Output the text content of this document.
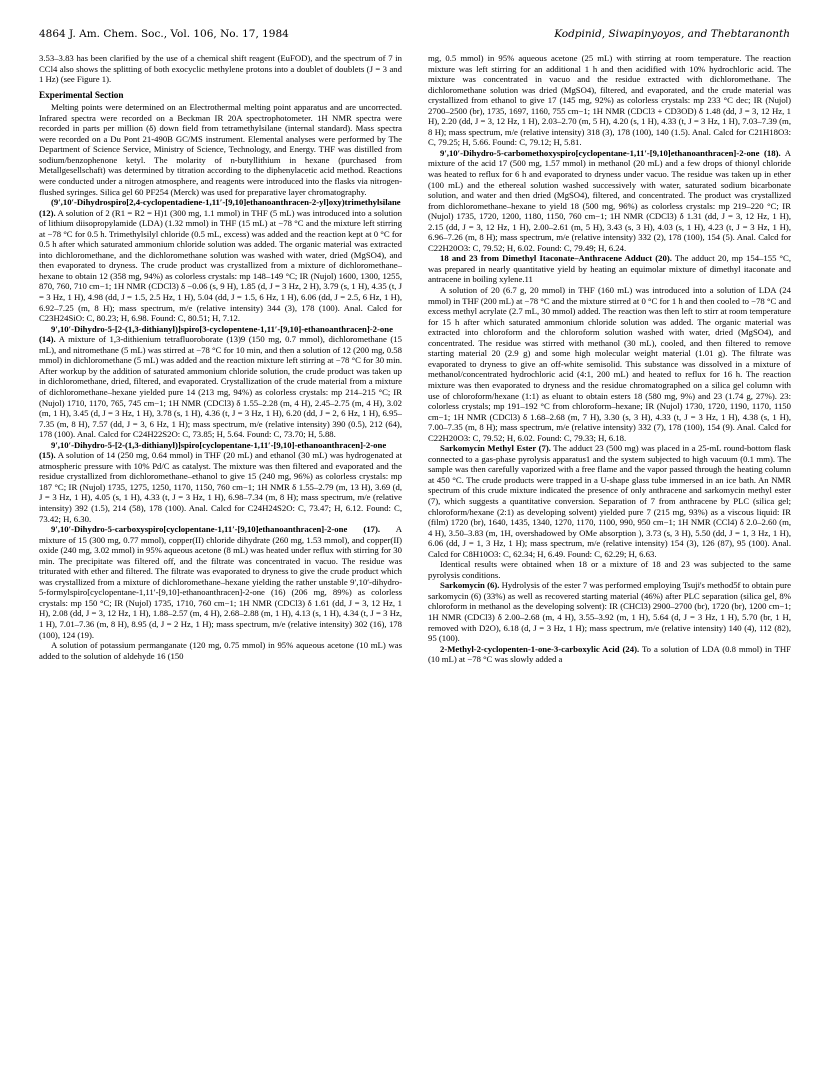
4864 J. Am. Chem. Soc., Vol. 106, No. 17, 1984	Kodpinid, Siwapinyoyos, and Thebtaranonth

3.53–3.83 has been clarified by the use of a chemical shift reagent (EuFOD), and the spectrum of 7 in CCl4 also shows the splitting of both exocyclic methylene protons into a doublet of doublets (J = 3 and 1 Hz) (see Figure 1).

Experimental Section

Melting points were determined on an Electrothermal melting point apparatus and are uncorrected. Infrared spectra were recorded on a Beckman IR 20A spectrophotometer. 1H NMR spectra were recorded in parts per million (δ) down field from tetramethylsilane (internal standard). Mass spectra were recorded on a Du Pont 21-490B GC/MS instrument. Elemental analyses were performed by The Department of Science Service, Ministry of Science, Technology, and Energy. THF was distilled from sodium/benzophenone ketyl. The molarity of n-butyllithium in hexane (purchased from Metallgesellschaft) was determined by titration according to the diphenylacetic acid method. Reactions were conducted under a nitrogen atmosphere, and reagents were introduced into the flasks via nitrogen-flushed syringes. Silica gel 60 PF254 (Merck) was used for preparative layer chromatography.

(9′,10′-Dihydrospiro[2,4-cyclopentadiene-1,11′-[9,10]ethanoanthracen-2-yl]oxy)trimethylsilane (12). A solution of 2 (R1 = R2 = H)1 (300 mg, 1.1 mmol) in THF (5 mL) was introduced into a solution of lithium diisopropylamide (LDA) (1.32 mmol) in THF (15 mL) at −78 °C and the mixture left stirring at −78 °C for 0.5 h. Trimethylsilyl chloride (0.5 mL, excess) was added and the reaction kept at 0 °C for 0.5 h after which saturated ammonium chloride solution was added. The organic material was extracted into dichloromethane, and the dichloromethane solution was washed with water, dried (MgSO4), and then evaporated to dryness. The crude product was crystallized from a mixture of dichloromethane–hexane to obtain 12 (358 mg, 94%) as colorless crystals: mp 148–149 °C; IR (Nujol) 1600, 1300, 1255, 870, 760, 710 cm−1; 1H NMR (CDCl3) δ −0.06 (s, 9 H), 1.85 (d, J = 3 Hz, 2 H), 3.79 (s, 1 H), 4.35 (t, J = 3 Hz, 1 H), 4.98 (dd, J = 1.5, 2.5 Hz, 1 H), 5.04 (dd, J = 1.5, 6 Hz, 1 H), 6.06 (dd, J = 2.5, 6 Hz, 1 H), 6.92–7.25 (m, 8 H); mass spectrum, m/e (relative intensity) 344 (3), 178 (100). Anal. Calcd for C23H24SiO: C, 80.23; H, 6.98. Found: C, 80.51; H, 7.12.

9′,10′-Dihydro-5-[2-(1,3-dithianyl)]spiro[3-cyclopentene-1,11′-[9,10]-ethanoanthracen]-2-one (14). A mixture of 1,3-dithienium tetrafluoroborate (13)9 (150 mg, 0.7 mmol), dichloromethane (15 mL), and nitromethane (5 mL) was stirred at −78 °C for 10 min, and then a solution of 12 (200 mg, 0.58 mmol) in dichloromethane (5 mL) was added and the reaction mixture left stirring at −78 °C for 30 min. After workup by the addition of saturated ammonium chloride solution, the crude product was taken up in dichloromethane, dried, filtered, and evaporated. Crystallization of the crude material from a mixture of dichloromethane–hexane yielded pure 14 (213 mg, 94%) as colorless crystals: mp 214–215 °C; IR (Nujol) 1710, 1170, 765, 745 cm−1; 1H NMR (CDCl3) δ 1.55–2.28 (m, 4 H), 2.45–2.75 (m, 4 H), 3.02 (m, 1 H), 3.45 (d, J = 3 Hz, 1 H), 3.78 (s, 1 H), 4.36 (t, J = 3 Hz, 1 H), 6.20 (dd, J = 2, 6 Hz, 1 H), 6.95–7.35 (m, 8 H), 7.57 (dd, J = 3, 6 Hz, 1 H); mass spectrum, m/e (relative intensity) 390 (0.5), 212 (64), 178 (100). Anal. Calcd for C24H22S2O: C, 73.85; H, 5.64. Found: C, 73.70; H, 5.88.

9′,10′-Dihydro-5-[2-(1,3-dithianyl)]spiro[cyclopentane-1,11′-[9,10]-ethanoanthracen]-2-one (15). A solution of 14 (250 mg, 0.64 mmol) in THF (20 mL) and ethanol (30 mL) was hydrogenated at atmospheric pressure with 10% Pd/C as catalyst. The mixture was then filtered and evaporated and the residue crystallized from dichloromethane–ethanol to give 15 (240 mg, 96%) as colorless crystals: mp 187 °C; IR (Nujol) 1735, 1275, 1250, 1170, 1150, 760 cm−1; 1H NMR δ 1.55–2.79 (m, 13 H), 3.69 (d, J = 3 Hz, 1 H), 4.05 (s, 1 H), 4.33 (t, J = 3 Hz, 1 H), 6.98–7.34 (m, 8 H); mass spectrum, m/e (relative intensity) 392 (1.5), 214 (58), 178 (100). Anal. Calcd for C24H24S2O: C, 73.47; H, 6.12. Found: C, 73.42; H, 6.30.

9′,10′-Dihydro-5-carboxyspiro[cyclopentane-1,11′-[9,10]ethanoanthracen]-2-one (17). A mixture of 15 (300 mg, 0.77 mmol), copper(II) chloride dihydrate (260 mg, 1.53 mmol), and copper(II) oxide (240 mg, 3.02 mmol) in 95% aqueous acetone (8 mL) was heated under reflux with stirring for 30 min. The precipitate was filtered off, and the filtrate was concentrated in vacuo. The residue was triturated with ether and filtered. The filtrate was evaporated to dryness to give the crude product which was crystallized from a mixture of dichloromethane–hexane yielding the rather unstable 9′,10′-dihydro-5-formylspiro[cyclopentane-1,11′-[9,10]-ethanoanthracen]-2-one (16) (206 mg, 89%) as colorless crystals: mp 150 °C; IR (Nujol) 1735, 1710, 760 cm−1; 1H NMR (CDCl3) δ 1.61 (dd, J = 3, 12 Hz, 1 H), 2.08 (dd, J = 3, 12 Hz, 1 H), 1.88–2.57 (m, 4 H), 2.68–2.88 (m, 1 H), 4.13 (s, 1 H), 4.34 (t, J = 3 Hz, 1 H), 7.01–7.36 (m, 8 H), 8.95 (d, J = 2 Hz, 1 H); mass spectrum, m/e (relative intensity) 302 (16), 178 (100), 124 (19).

A solution of potassium permanganate (120 mg, 0.75 mmol) in 95% aqueous acetone (10 mL) was added to the solution of aldehyde 16 (150

mg, 0.5 mmol) in 95% aqueous acetone (25 mL) with stirring at room temperature. The reaction mixture was left stirring for an additional 1 h and then acidified with 10% hydrochloric acid. The mixture was concentrated in vacuo and the residue extracted with dichloromethane. The dichloromethane solution was dried (MgSO4), filtered, and evaporated, and the crude material was crystallized from ethanol to give 17 (145 mg, 92%) as colorless crystals: mp 233 °C dec; IR (Nujol) 2700–2500 (br), 1735, 1697, 1160, 755 cm−1; 1H NMR (CDCl3 + CD3OD) δ 1.48 (dd, J = 3, 12 Hz, 1 H), 2.20 (dd, J = 3, 12 Hz, 1 H), 2.03–2.70 (m, 5 H), 4.20 (s, 1 H), 4.33 (t, J = 3 Hz, 1 H), 7.03–7.39 (m, 8 H); mass spectrum, m/e (relative intensity) 318 (3), 178 (100), 140 (1.5). Anal. Calcd for C21H18O3: C, 79.25; H, 5.66. Found: C, 79.12; H, 5.81.

9′,10′-Dihydro-5-carbomethoxyspiro[cyclopentane-1,11′-[9,10]ethanoanthracen]-2-one (18). A mixture of the acid 17 (500 mg, 1.57 mmol) in methanol (20 mL) and a few drops of thionyl chloride was heated to reflux for 6 h and evaporated to dryness under vacuo. The residue was taken up in ether (100 mL) and the ethereal solution washed successively with water, saturated sodium bicarbonate solution, and water and then dried (MgSO4), filtered, and concentrated. The product was crystallized from dichloromethane–hexane to yield 18 (500 mg, 96%) as colorless crystals: mp 219–220 °C; IR (Nujol) 1735, 1720, 1200, 1180, 1150, 760 cm−1; 1H NMR (CDCl3) δ 1.31 (dd, J = 3, 12 Hz, 1 H), 2.15 (dd, J = 3, 12 Hz, 1 H), 2.00–2.61 (m, 5 H), 3.43 (s, 3 H), 4.03 (s, 1 H), 4.23 (t, J = 3 Hz, 1 H), 6.96–7.26 (m, 8 H); mass spectrum, m/e (relative intensity) 332 (2), 178 (100), 154 (5). Anal. Calcd for C22H20O3: C, 79.52; H, 6.02. Found: C, 79.49; H, 6.24.

18 and 23 from Dimethyl Itaconate–Anthracene Adduct (20). The adduct 20, mp 154–155 °C, was prepared in nearly quantitative yield by heating an equimolar mixture of dimethyl itaconate and antracene in boiling xylene.11

A solution of 20 (6.7 g, 20 mmol) in THF (160 mL) was introduced into a solution of LDA (24 mmol) in THF (200 mL) at −78 °C and the mixture stirred at 0 °C for 1 h and then cooled to −78 °C and excess methyl acrylate (2.7 mL, 30 mmol) added. The reaction was then left to stirr at room temperature for 15 h after which saturated ammonium chloride solution was added. The organic material was extracted into chloroform and the chloroform solution washed with water, dried (MgSO4), and concentrated. The residue was stirred with methanol (30 mL), cooled, and then filtered to remove starting material 20 (2.9 g) and some high molecular weight material (1.01 g). The filtrate was evaporated to dryness to give an off-white semisolid. This substance was dissolved in a mixture of methanol/concentrated hydrochloric acid (4:1, 200 mL) and heated to reflux for 16 h. The reaction mixture was then evaporated to dryness and the residue chromatographed on a silica gel column with use of chloroform/hexane (1:1) as eluant to obtain esters 18 (580 mg, 9%) and 23 (1.74 g, 27%). 23: colorless crystals; mp 191–192 °C from chloroform–hexane; IR (Nujol) 1730, 1720, 1190, 1170, 1150 cm−1; 1H NMR (CDCl3) δ 1.68–2.68 (m, 7 H), 3.30 (s, 3 H), 4.33 (t, J = 3 Hz, 1 H), 4.38 (s, 1 H), 7.00–7.35 (m, 8 H); mass spectrum, m/e (relative intensity) 332 (7), 178 (100), 154 (9). Anal. Calcd for C22H20O3: C, 79.52; H, 6.02. Found: C, 79.33; H, 6.18.

Sarkomycin Methyl Ester (7). The adduct 23 (500 mg) was placed in a 25-mL round-bottom flask connected to a gas-phase pyrolysis apparatus1 and the system subjected to high vacuum (0.1 mm). The sample was then carefully vaporized with a free flame and the vapor passed through the heating column at 450 °C. The crude products were trapped in a U-shape glass tube immersed in an ice bath. An NMR spectrum of this crude mixture indicated the presence of only anthracene and sarkomycin methyl ester (7), which suggests a quantitative conversion. Separation of 7 from anthracene by PLC (silica gel; chloroform/hexane (2:1) as developing solvent) yielded pure 7 (215 mg, 93%) as a viscous liquid: IR (film) 1720 (br), 1640, 1435, 1340, 1270, 1170, 1100, 990, 950 cm−1; 1H NMR (CCl4) δ 2.0–2.60 (m, 4 H), 3.50–3.83 (m, 1H, overshadowed by OMe absorption ), 3.73 (s, 3 H), 5.50 (dd, J = 1, 3 Hz, 1 H), 6.06 (dd, J = 1, 3 Hz, 1 H); mass spectrum, m/e (relative intensity) 154 (3), 126 (87), 95 (100). Anal. Calcd for C8H10O3: C, 62.34; H, 6.49. Found: C, 62.29; H, 6.63.

Identical results were obtained when 18 or a mixture of 18 and 23 was subjected to the same pyrolysis conditions.

Sarkomycin (6). Hydrolysis of the ester 7 was performed employing Tsuji's method5f to obtain pure sarkomycin (6) (33%) as well as recovered starting material (46%) after PLC separation (silica gel, 8% chloroform in methanol as the developing solvent): IR (CHCl3) 2900–2700 (br), 1720 (br), 1200 cm−1; 1H NMR (CDCl3) δ 2.00–2.68 (m, 4 H), 3.55–3.92 (m, 1 H), 5.64 (d, J = 3 Hz, 1 H), 5.70 (br, 1 H, removed with D2O), 6.18 (d, J = 3 Hz, 1 H); mass spectrum, m/e (relative intensity) 140 (4), 112 (82), 95 (100).

2-Methyl-2-cyclopenten-1-one-3-carboxylic Acid (24). To a solution of LDA (0.8 mmol) in THF (10 mL) at −78 °C was slowly added a
